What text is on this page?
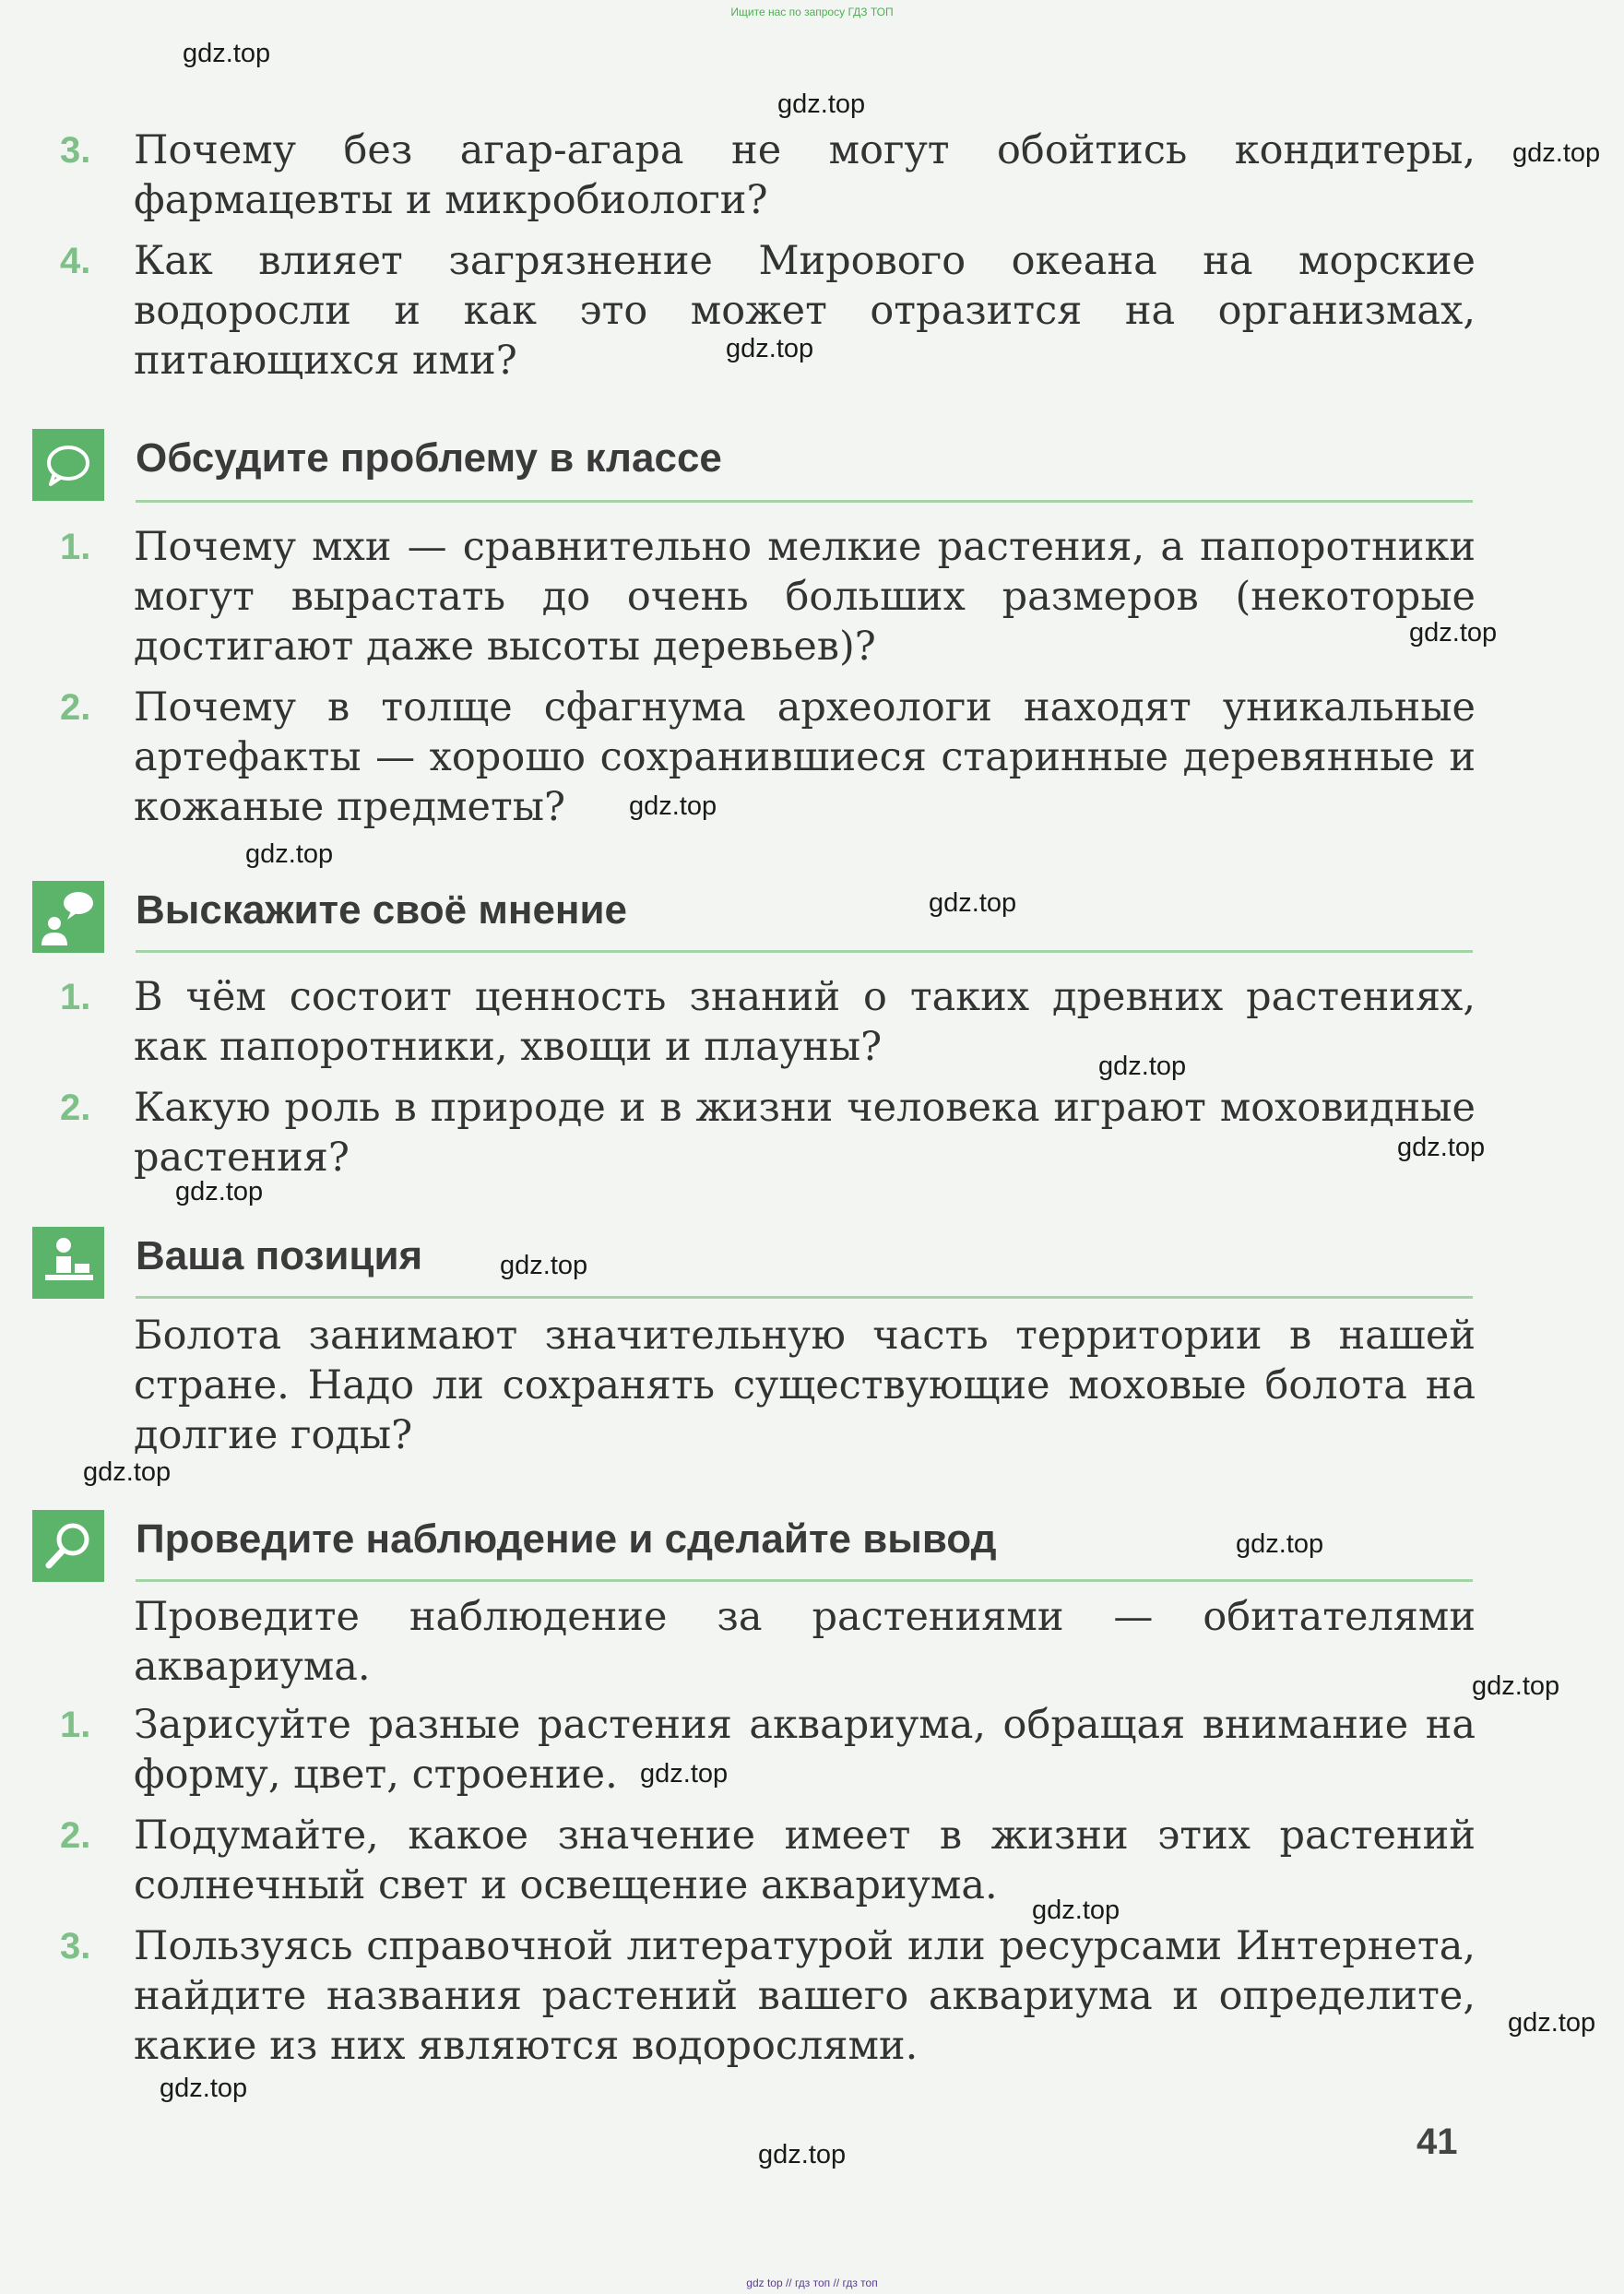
Ищите нас по запросу ГДЗ ТОП
3.	Почему без агар-агара не могут обойтись кондитеры, фармацевты и микробиологи?
4.	Как влияет загрязнение Мирового океана на морские водоросли и как это может отразится на организмах, питающихся ими?
Обсудите проблему в классе
1.	Почему мхи — сравнительно мелкие растения, а папоротники могут вырастать до очень больших размеров (некоторые достигают даже высоты деревьев)?
2.	Почему в толще сфагнума археологи находят уникальные артефакты — хорошо сохранившиеся старинные деревянные и кожаные предметы?
Выскажите своё мнение
1.	В чём состоит ценность знаний о таких древних растениях, как папоротники, хвощи и плауны?
2.	Какую роль в природе и в жизни человека играют моховидные растения?
Ваша позиция
Болота занимают значительную часть территории в нашей стране. Надо ли сохранять существующие моховые болота на долгие годы?
Проведите наблюдение и сделайте вывод
Проведите наблюдение за растениями — обитателями аквариума.
1.	Зарисуйте разные растения аквариума, обращая внимание на форму, цвет, строение.
2.	Подумайте, какое значение имеет в жизни этих растений солнечный свет и освещение аквариума.
3.	Пользуясь справочной литературой или ресурсами Интернета, найдите названия растений вашего аквариума и определите, какие из них являются водорослями.
41
gdz.top
gdz.top
gdz.top
gdz.top
gdz.top
gdz.top
gdz.top
gdz.top
gdz.top
gdz.top
gdz.top
gdz.top
gdz.top
gdz.top
gdz.top
gdz.top
gdz.top
gdz.top
gdz.top
gdz.top
gdz top // гдз топ // гдз топ
